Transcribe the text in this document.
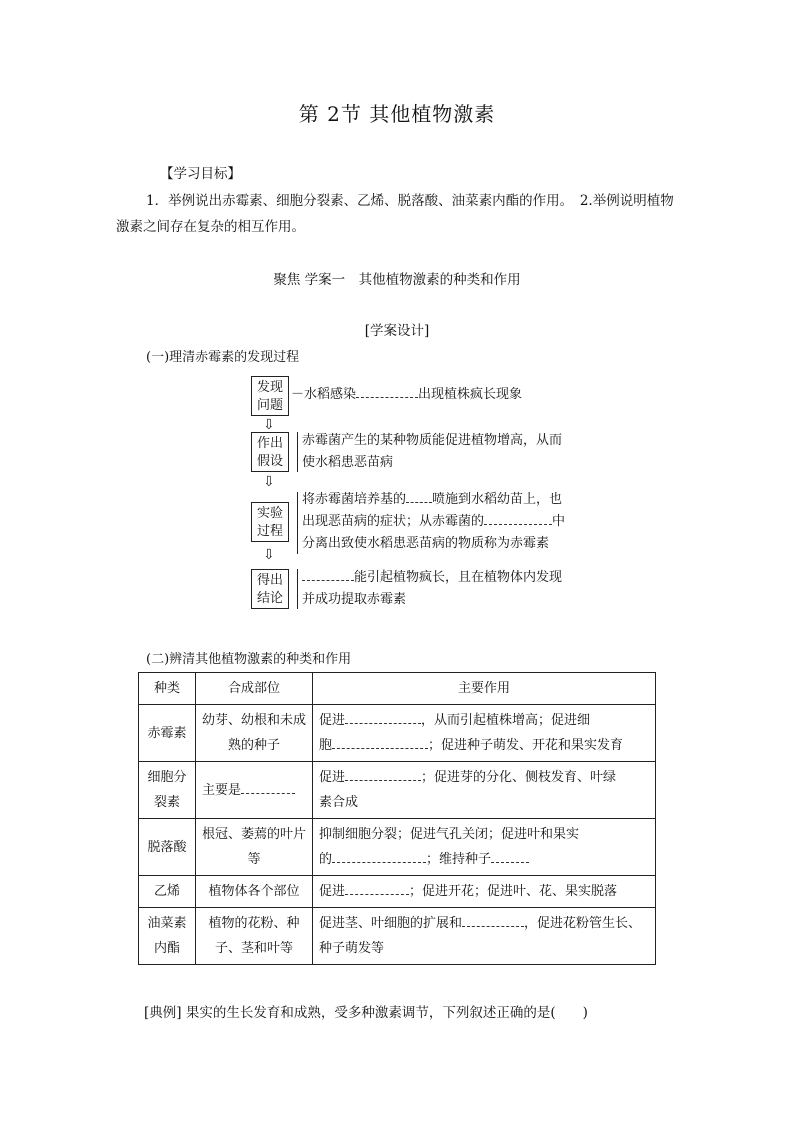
第 2节 其他植物激素
【学习目标】
1．举例说出赤霉素、细胞分裂素、乙烯、脱落酸、油菜素内酯的作用。　2.举例说明植物激素之间存在复杂的相互作用。
聚焦 学案一　其他植物激素的种类和作用
[学案设计]
(一)理清赤霉素的发现过程
发现
问题
－水稻感染	出现植株疯长现象
⇩
作出
假设
赤霉菌产生的某种物质能促进植物增高，从而
使水稻患恶苗病
⇩
实验
过程
将赤霉菌培养基的 喷施到水稻幼苗上，也
出现恶苗病的症状；从赤霉菌的	中
分离出致使水稻患恶苗病的物质称为赤霉素
⇩
得出
结论
能引起植物疯长，且在植物体内发现
并成功提取赤霉素
(二)辨清其他植物激素的种类和作用
种类	合成部位	主要作用
赤霉素	幼芽、幼根和未成熟的种子	促进 ，从而引起植株增高；促进细
胞 ；促进种子萌发、开花和果实发育
细胞分裂素	主要是	促进 ；促进芽的分化、侧枝发育、叶绿
素合成
脱落酸	根冠、萎蔫的叶片等	抑制细胞分裂；促进气孔关闭；促进叶和果实
的 ；维持种子
乙烯	植物体各个部位	促进 ；促进开花；促进叶、花、果实脱落
油菜素内酯	植物的花粉、种子、茎和叶等	促进茎、叶细胞的扩展和 ，促进花粉管生长、种子萌发等
[典例] 果实的生长发育和成熟，受多种激素调节，下列叙述正确的是(　　)
